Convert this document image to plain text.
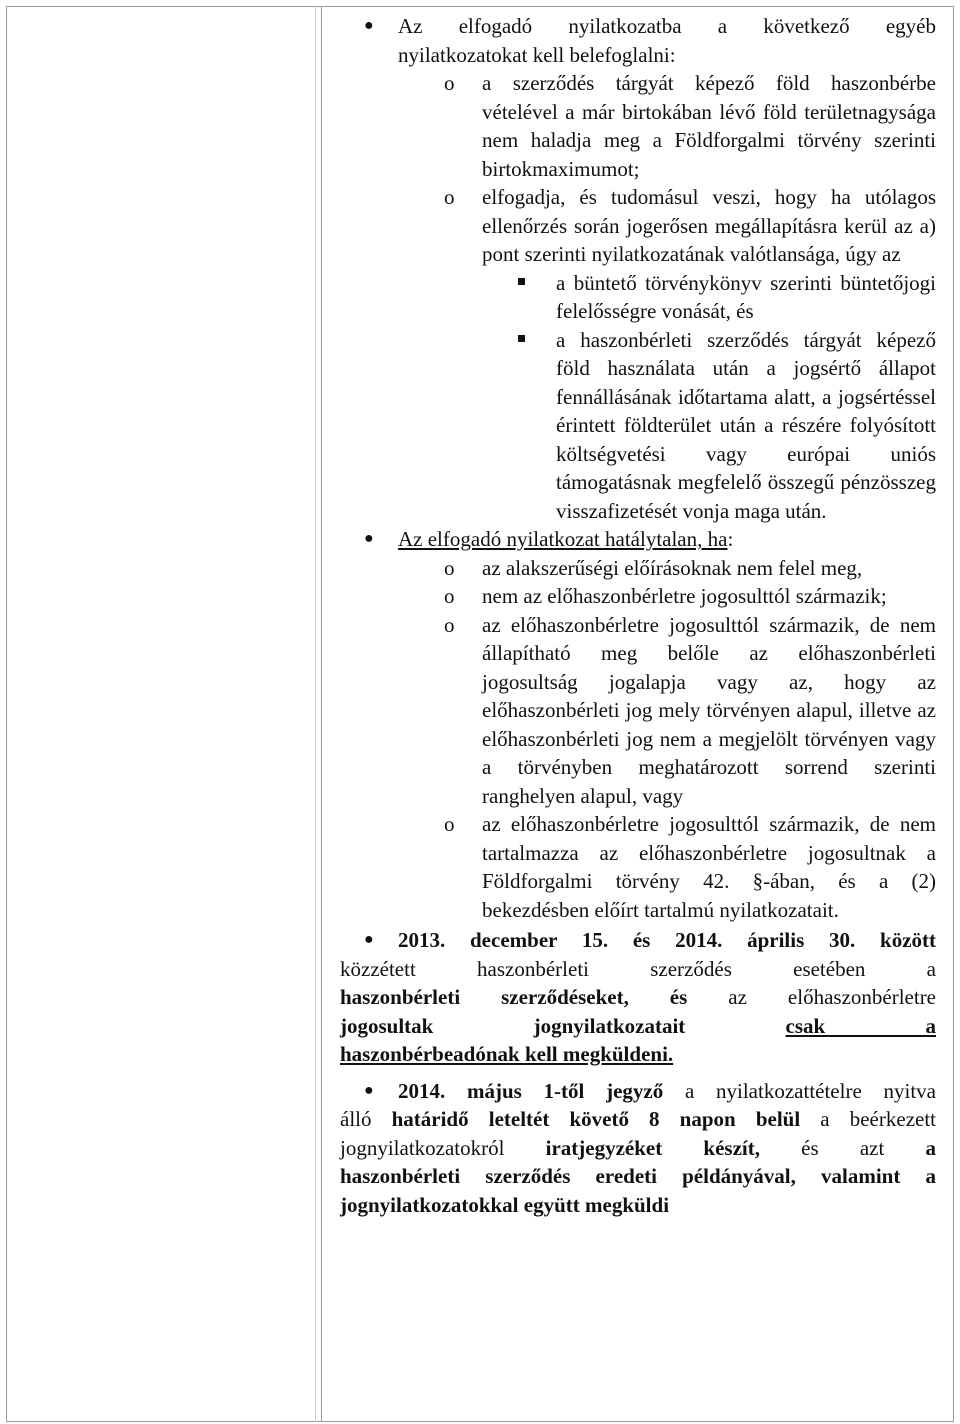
● Az elfogadó nyilatkozatba a következő egyéb
nyilatkozatokat kell belefoglalni:
o a szerződés tárgyát képező föld haszonbérbe vételével a már birtokában lévő föld területnagysága nem haladja meg a Földforgalmi törvény szerinti birtokmaximumot;
o elfogadja, és tudomásul veszi, hogy ha utólagos ellenőrzés során jogerősen megállapításra kerül az a) pont szerinti nyilatkozatának valótlansága, úgy az
a büntető törvénykönyv szerinti büntetőjogi felelősségre vonását, és
a haszonbérleti szerződés tárgyát képező föld használata után a jogsértő állapot fennállásának időtartama alatt, a jogsértéssel érintett földterület után a részére folyósított költségvetési vagy európai uniós támogatásnak megfelelő összegű pénzösszeg visszafizetését vonja maga után.
● Az elfogadó nyilatkozat hatálytalan, ha:
o az alakszerűségi előírásoknak nem felel meg,
o nem az előhaszonbérletre jogosulttól származik;
o az előhaszonbérletre jogosulttól származik, de nem állapítható meg belőle az előhaszonbérleti jogosultság jogalapja vagy az, hogy az előhaszonbérleti jog mely törvényen alapul, illetve az előhaszonbérleti jog nem a megjelölt törvényen vagy a törvényben meghatározott sorrend szerinti ranghelyen alapul, vagy
o az előhaszonbérletre jogosulttól származik, de nem tartalmazza az előhaszonbérletre jogosultnak a Földforgalmi törvény 42. §-ában, és a (2) bekezdésben előírt tartalmú nyilatkozatait.
● 2013. december 15. és 2014. április 30. között
közzétett haszonbérleti szerződés esetében a
haszonbérleti szerződéseket, és az előhaszonbérletre
jogosultak jognyilatkozatait	csak a
haszonbérbeadónak kell megküldeni.
● 2014. május 1-től jegyző a nyilatkozattételre nyitva
álló határidő leteltét követő 8 napon belül a beérkezett
jognyilatkozatokról iratjegyzéket készít, és azt a
haszonbérleti szerződés eredeti példányával, valamint a
jognyilatkozatokkal együtt megküldi
